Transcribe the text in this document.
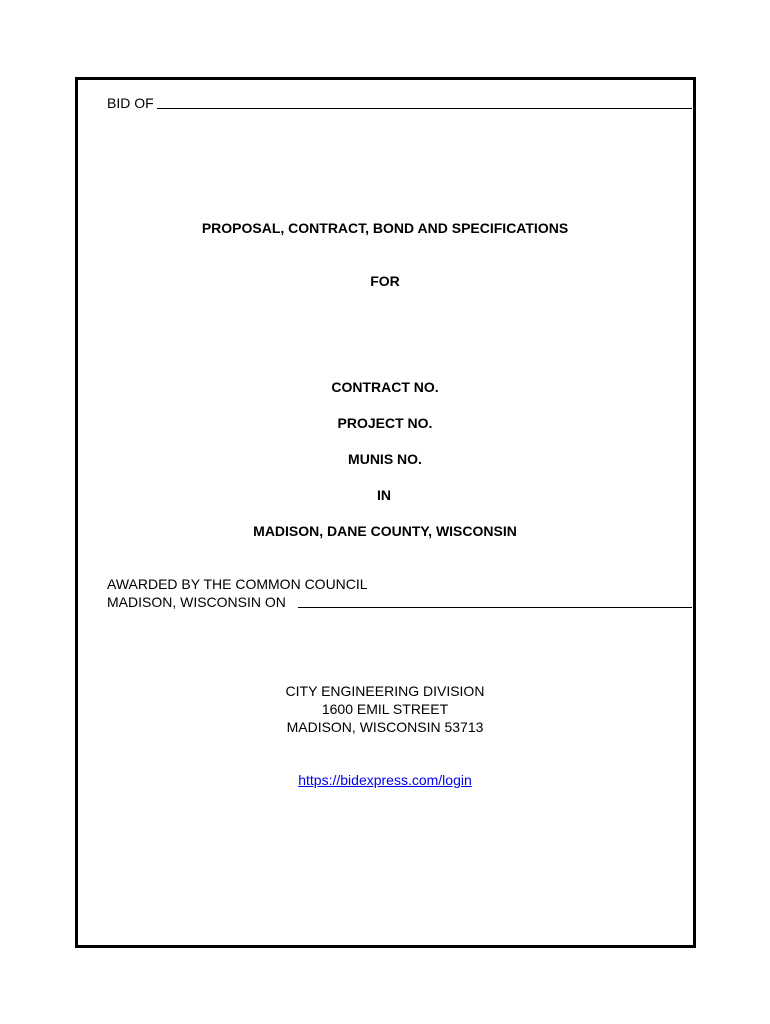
BID OF
PROPOSAL, CONTRACT, BOND AND SPECIFICATIONS
FOR
CONTRACT NO.
PROJECT NO.
MUNIS NO.
IN
MADISON, DANE COUNTY, WISCONSIN
AWARDED BY THE COMMON COUNCIL
MADISON, WISCONSIN ON
CITY ENGINEERING DIVISION
1600 EMIL STREET
MADISON, WISCONSIN 53713
https://bidexpress.com/login
